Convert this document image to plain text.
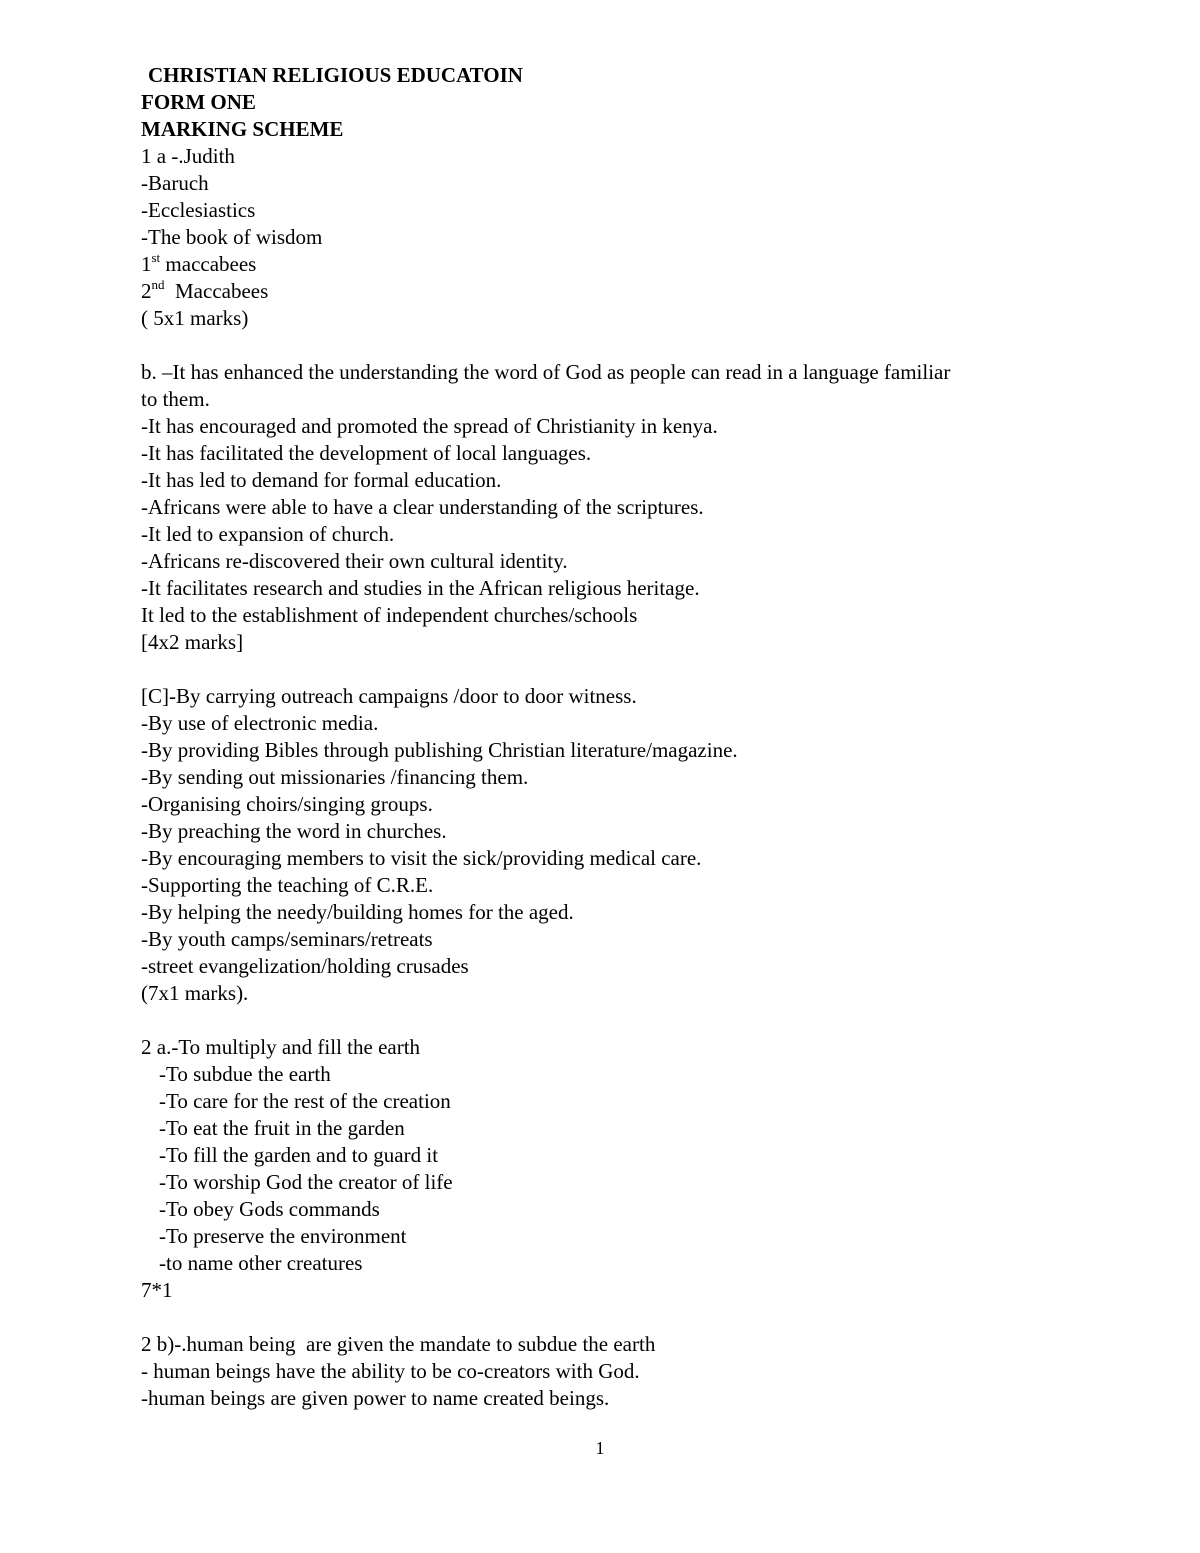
CHRISTIAN RELIGIOUS EDUCATOIN
FORM ONE
MARKING SCHEME
1 a -.Judith
-Baruch
-Ecclesiastics
-The book of wisdom
1st maccabees
2nd  Maccabees
( 5x1 marks)
b. –It has enhanced the understanding the word of God as people can read in a language familiar
to them.
-It has encouraged and promoted the spread of Christianity in kenya.
-It has facilitated the development of local languages.
-It has led to demand for formal education.
-Africans were able to have a clear understanding of the scriptures.
-It led to expansion of church.
-Africans re-discovered their own cultural identity.
-It facilitates research and studies in the African religious heritage.
It led to the establishment of independent churches/schools
[4x2 marks]
[C]-By carrying outreach campaigns /door to door witness.
-By use of electronic media.
-By providing Bibles through publishing Christian literature/magazine.
-By sending out missionaries /financing them.
-Organising choirs/singing groups.
-By preaching the word in churches.
-By encouraging members to visit the sick/providing medical care.
-Supporting the teaching of C.R.E.
-By helping the needy/building homes for the aged.
-By youth camps/seminars/retreats
-street evangelization/holding crusades
(7x1 marks).
2 a.-To multiply and fill the earth
-To subdue the earth
-To care for the rest of the creation
-To eat the fruit in the garden
-To fill the garden and to guard it
-To worship God the creator of life
-To obey Gods commands
-To preserve the environment
-to name other creatures
7*1
2 b)-.human being  are given the mandate to subdue the earth
- human beings have the ability to be co-creators with God.
-human beings are given power to name created beings.
1
